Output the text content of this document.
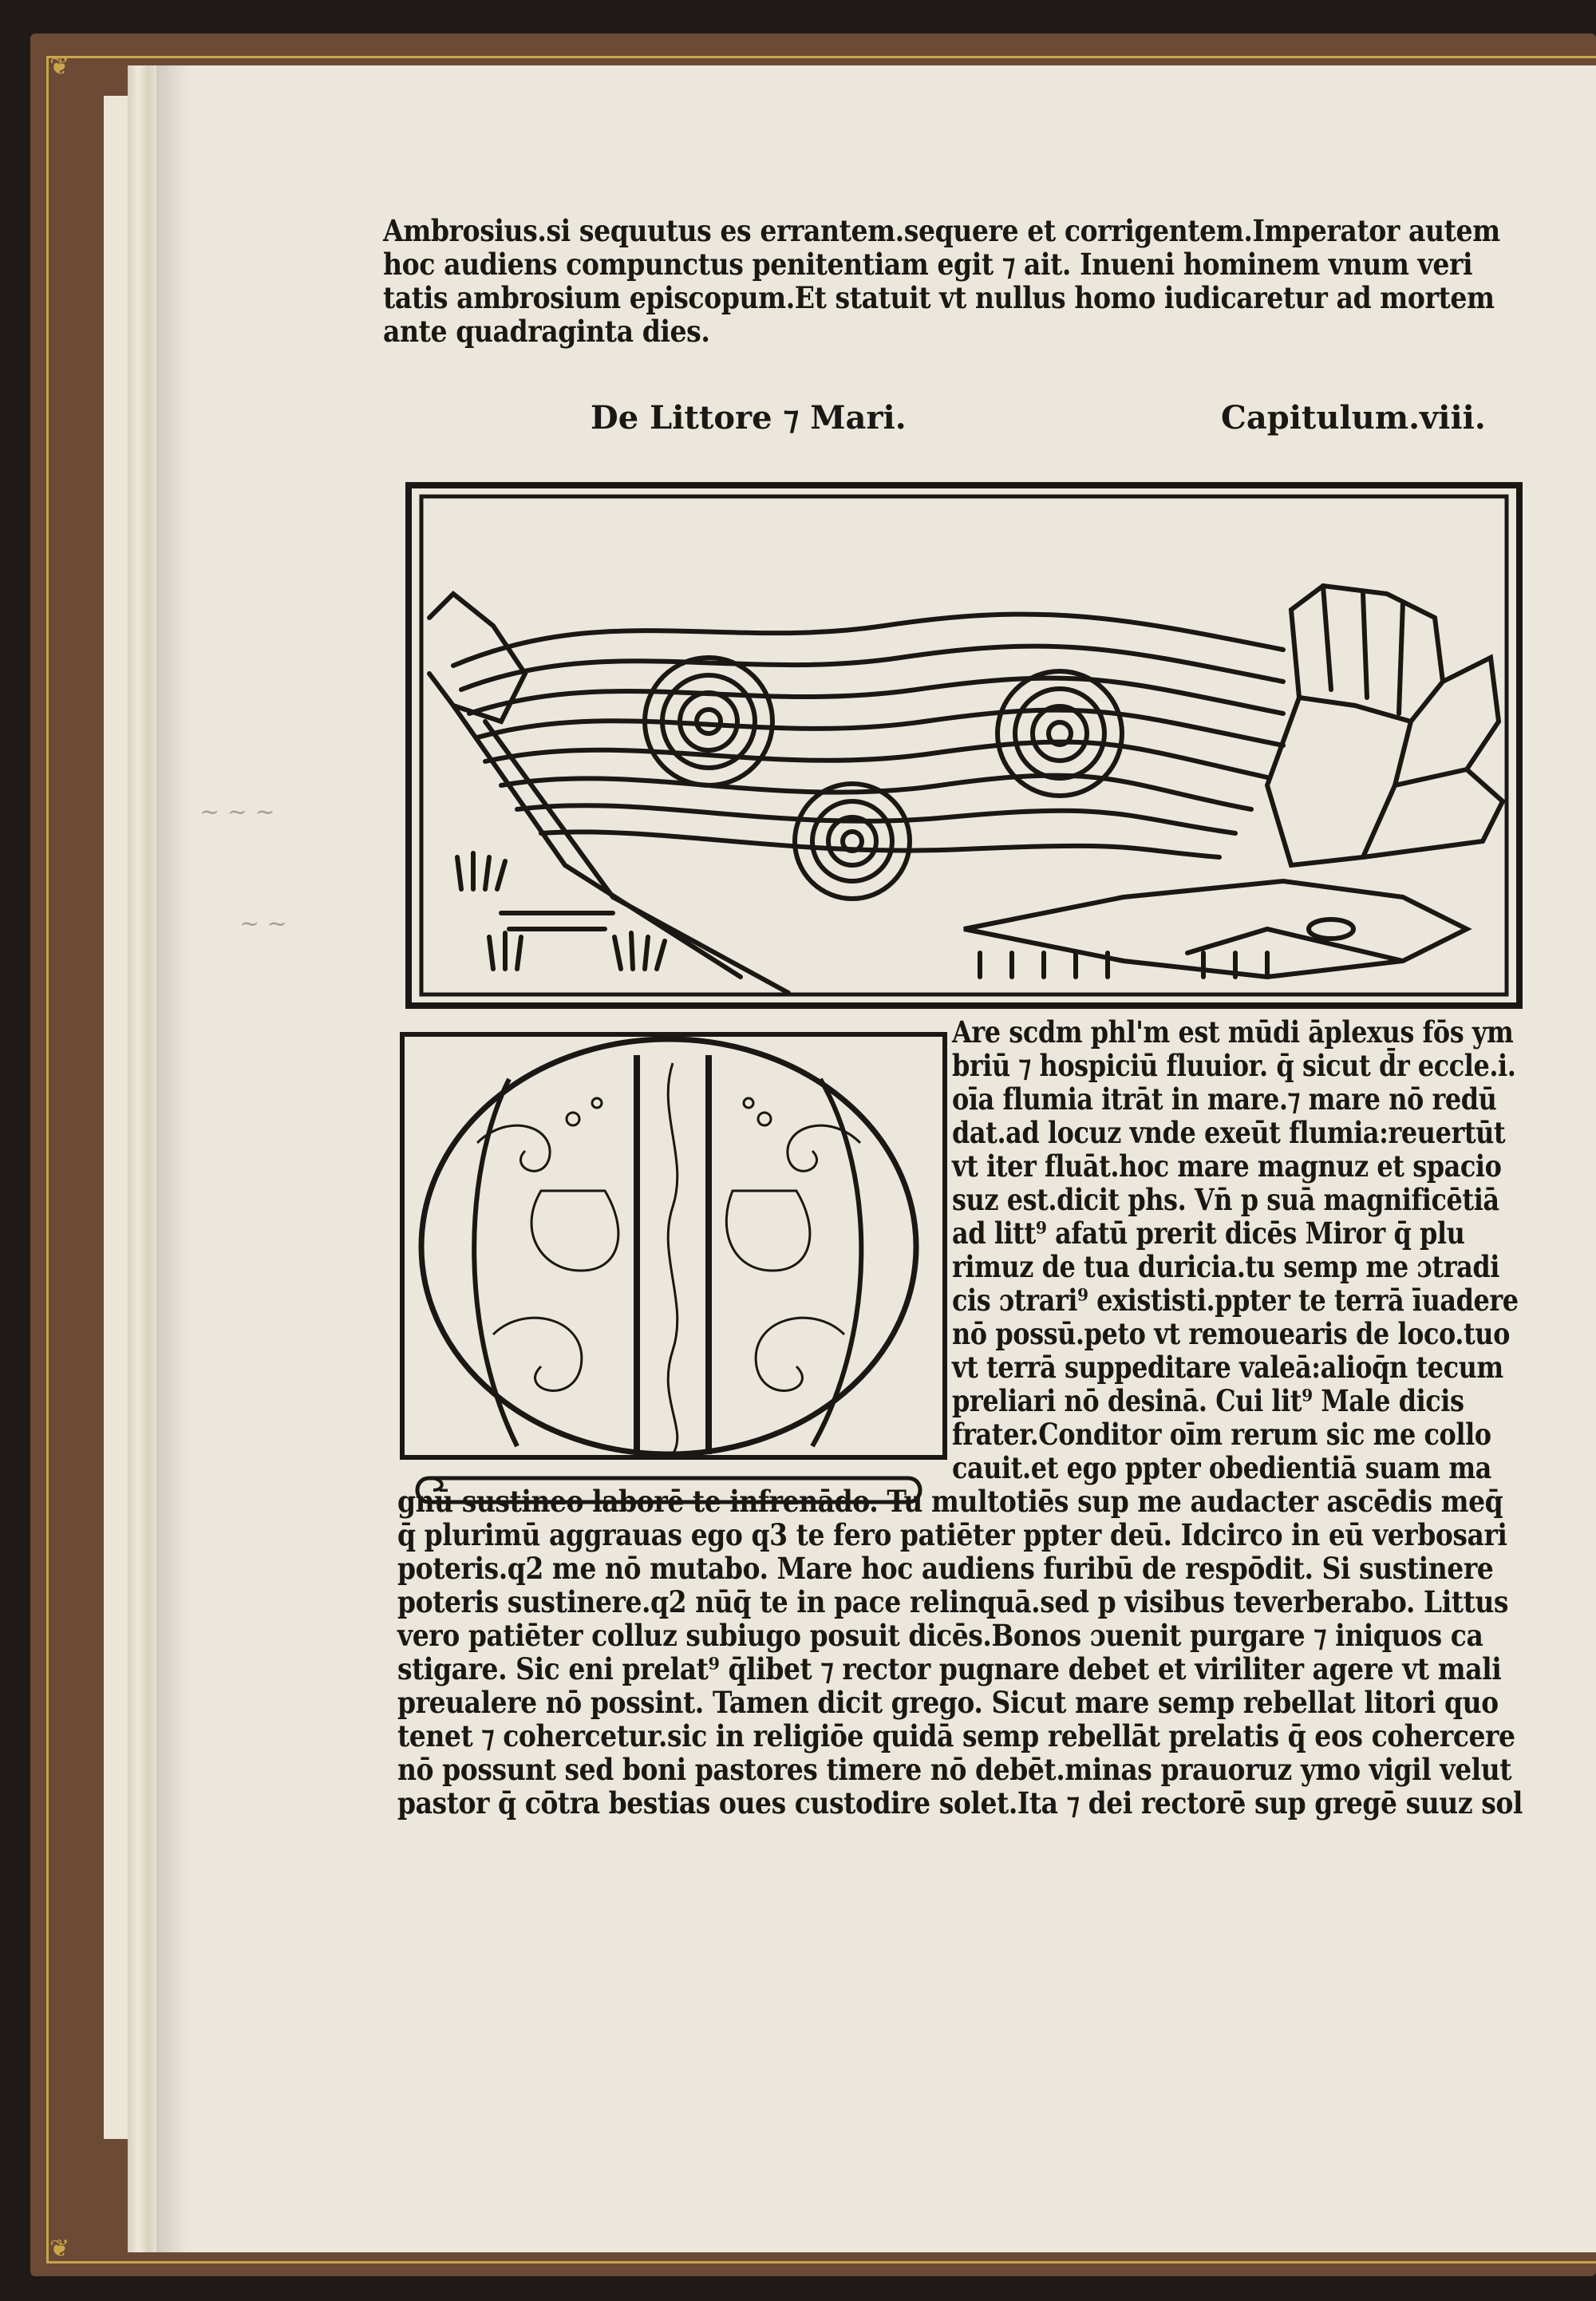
❦
❦
~ ~ ~
~ ~
Ambrosius.si sequutus es errantem.sequere et corrigentem.Imperator autem
hoc audiens compunctus penitentiam egit ⁊ ait. Inueni hominem vnum veri
tatis ambrosium episcopum.Et statuit vt nullus homo iudicaretur ad mortem
ante quadraginta dies.
De Littore ⁊ Mari.	Capitulum.viii.
Are scdm phl'm est mūdi āplexus fōs ym
briū ⁊ hospiciū fluuior. q̄ sicut d̄r eccle.i.
oīa flumia itrāt in mare.⁊ mare nō redū
dat.ad locuz vnde exeūt flumia:reuertūt
vt iter fluāt.hoc mare magnuz et spacio
suz est.dicit phs. Vn̄ p suā magnificētiā
ad litt⁹ afatū prerit dicēs Miror q̄ plu
rimuz de tua duricia.tu semp me ɔtradi
cis ɔtrari⁹ exististi.ppter te terrā īuadere
nō possū.peto vt remouearis de loco.tuo
vt terrā suppeditare valeā:alioq̄n tecum
preliari nō desinā. Cui lit⁹ Male dicis
frater.Conditor oīm rerum sic me collo
cauit.et ego ppter obedientiā suam ma
gnū sustineo laborē te infrenādo. Tu multotiēs sup me audacter ascēdis meq̄
q̄ plurimū aggrauas ego q3 te fero patiēter ppter deū. Idcirco in eū verbosari
poteris.q2 me nō mutabo. Mare hoc audiens furibū de respōdit. Si sustinere
poteris sustinere.q2 nūq̄ te in pace relinquā.sed p visibus teverberabo. Littus
vero patiēter colluz subiugo posuit dicēs.Bonos ɔuenit purgare ⁊ iniquos ca
stigare. Sic eni prelat⁹ q̄libet ⁊ rector pugnare debet et viriliter agere vt mali
preualere nō possint. Tamen dicit grego. Sicut mare semp rebellat litori quo
tenet ⁊ cohercetur.sic in religiōe quidā semp rebellāt prelatis q̄ eos cohercere
nō possunt sed boni pastores timere nō debēt.minas prauoruz ymo vigil velut
pastor q̄ cōtra bestias oues custodire solet.Ita ⁊ dei rectorē sup gregē suuz sol
